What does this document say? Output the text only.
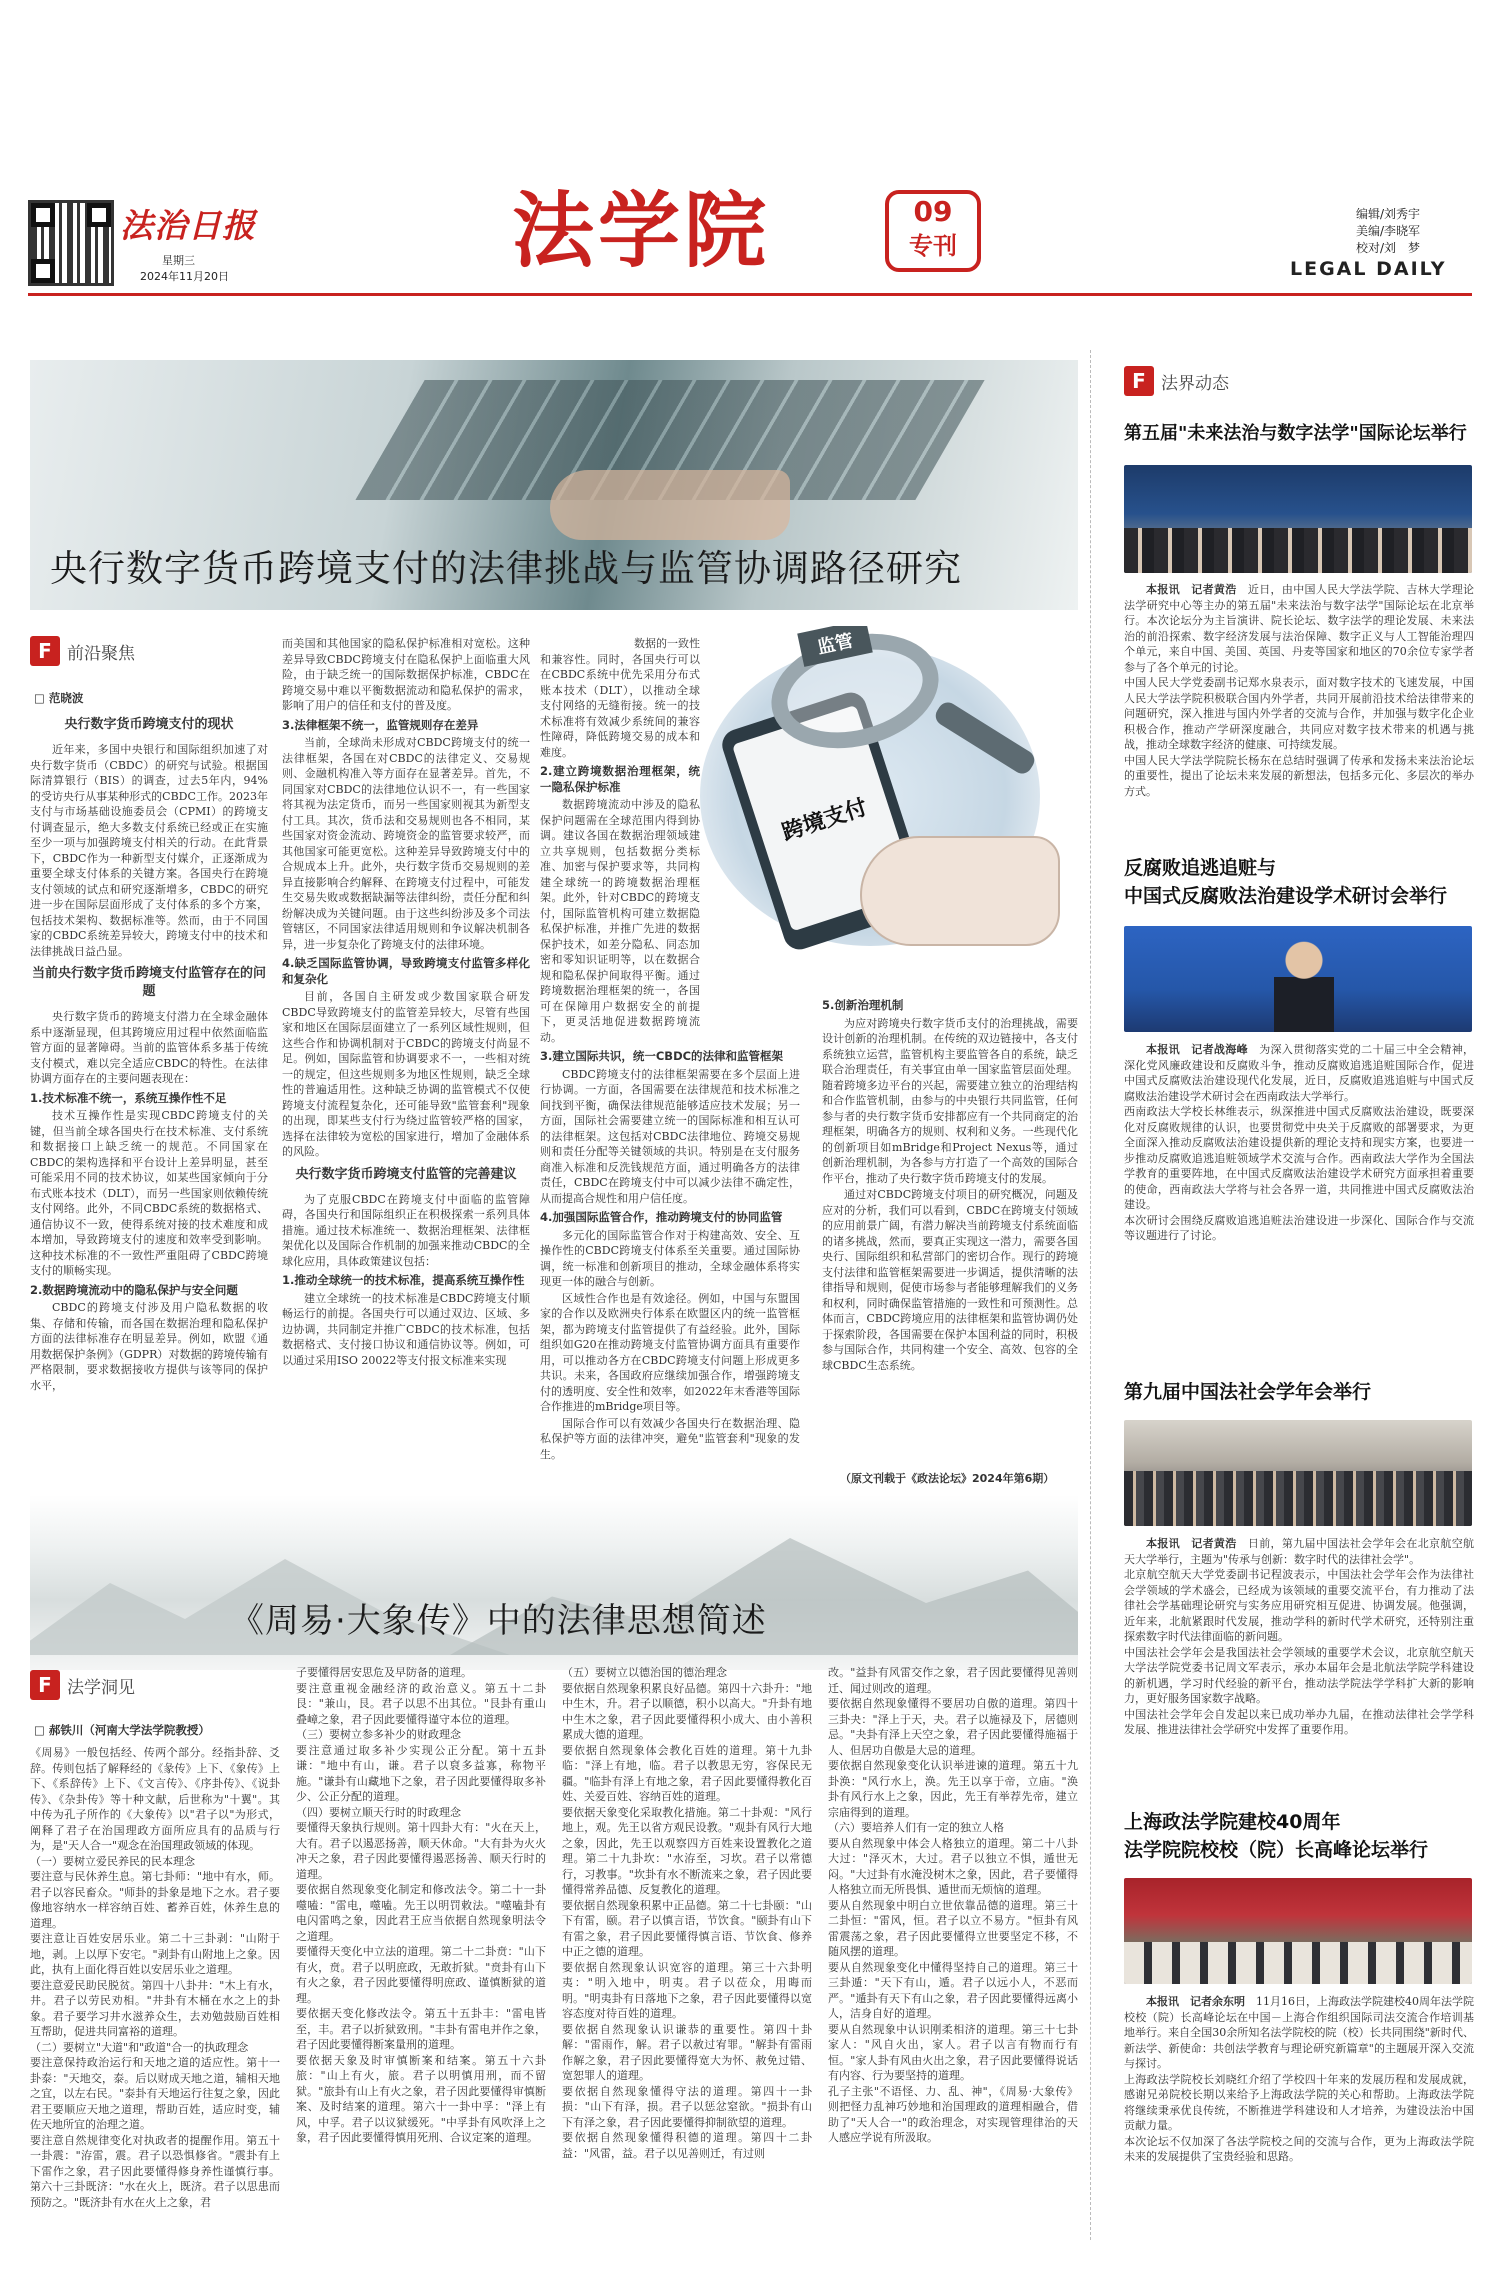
法治日报
星期三
2024年11月20日	法学院	09
专刊
编辑/刘秀宇
美编/李晓军
校对/刘　梦
LEGAL DAILY
央行数字货币跨境支付的法律挑战与监管协调路径研究
F 前沿聚焦
□ 范晓波
央行数字货币跨境支付的现状

近年来，多国中央银行和国际组织加速了对央行数字货币（CBDC）的研究与试验。根据国际清算银行（BIS）的调查，过去5年内，94%的受访央行从事某种形式的CBDC工作。2023年支付与市场基础设施委员会（CPMI）的跨境支付调查显示，绝大多数支付系统已经或正在实施至少一项与加强跨境支付相关的行动。在此背景下，CBDC作为一种新型支付媒介，正逐渐成为重要全球支付体系的关键方案。各国央行在跨境支付领域的试点和研究逐渐增多，CBDC的研究进一步在国际层面形成了支付体系的多个方案，包括技术架构、数据标准等。然而，由于不同国家的CBDC系统差异较大，跨境支付中的技术和法律挑战日益凸显。

当前央行数字货币跨境支付监管存在的问题

央行数字货币的跨境支付潜力在全球金融体系中逐渐显现，但其跨境应用过程中依然面临监管方面的显著障碍。当前的监管体系多基于传统支付模式，难以完全适应CBDC的特性。在法律协调方面存在的主要问题表现在：

1.技术标准不统一，系统互操作性不足

技术互操作性是实现CBDC跨境支付的关键，但当前全球各国央行在技术标准、支付系统和数据接口上缺乏统一的规范。不同国家在CBDC的架构选择和平台设计上差异明显，甚至可能采用不同的技术协议，如某些国家倾向于分布式账本技术（DLT），而另一些国家则依赖传统支付网络。此外，不同CBDC系统的数据格式、通信协议不一致，使得系统对接的技术难度和成本增加，导致跨境支付的速度和效率受到影响。这种技术标准的不一致性严重阻碍了CBDC跨境支付的顺畅实现。

2.数据跨境流动中的隐私保护与安全问题

CBDC的跨境支付涉及用户隐私数据的收集、存储和传输，而各国在数据治理和隐私保护方面的法律标准存在明显差异。例如，欧盟《通用数据保护条例》（GDPR）对数据的跨境传输有严格限制，要求数据接收方提供与该等同的保护水平，

而美国和其他国家的隐私保护标准相对宽松。这种差异导致CBDC跨境支付在隐私保护上面临重大风险，由于缺乏统一的国际数据保护标准，CBDC在跨境交易中难以平衡数据流动和隐私保护的需求，影响了用户的信任和支付的普及度。

3.法律框架不统一，监管规则存在差异

当前，全球尚未形成对CBDC跨境支付的统一法律框架，各国在对CBDC的法律定义、交易规则、金融机构准入等方面存在显著差异。首先，不同国家对CBDC的法律地位认识不一，有一些国家将其视为法定货币，而另一些国家则视其为新型支付工具。其次，货币法和交易规则也各不相同，某些国家对资金流动、跨境资金的监管要求较严，而其他国家可能更宽松。这种差异导致跨境支付中的合规成本上升。此外，央行数字货币交易规则的差异直接影响合约解释、在跨境支付过程中，可能发生交易失败或数据缺漏等法律纠纷，责任分配和纠纷解决成为关键问题。由于这些纠纷涉及多个司法管辖区，不同国家法律适用规则和争议解决机制各异，进一步复杂化了跨境支付的法律环境。

4.缺乏国际监管协调，导致跨境支付监管多样化和复杂化

目前，各国自主研发或少数国家联合研发CBDC导致跨境支付的监管差异较大，尽管有些国家和地区在国际层面建立了一系列区域性规则，但这些合作和协调机制对于CBDC的跨境支付尚显不足。例如，国际监管和协调要求不一，一些相对统一的规定，但这些规则多为地区性规则，缺乏全球性的普遍适用性。这种缺乏协调的监管模式不仅使跨境支付流程复杂化，还可能导致"监管套利"现象的出现，即某些支付行为绕过监管较严格的国家，选择在法律较为宽松的国家进行，增加了金融体系的风险。

央行数字货币跨境支付监管的完善建议

为了克服CBDC在跨境支付中面临的监管障碍，各国央行和国际组织正在积极探索一系列具体措施。通过技术标准统一、数据治理框架、法律框架优化以及国际合作机制的加强来推动CBDC的全球化应用，具体政策建议包括：

1.推动全球统一的技术标准，提高系统互操作性

建立全球统一的技术标准是CBDC跨境支付顺畅运行的前提。各国央行可以通过双边、区域、多边协调，共同制定并推广CBDC的技术标准，包括数据格式、支付接口协议和通信协议等。例如，可以通过采用ISO 20022等支付报文标准来实现

跨境支付
监管

数据的一致性和兼容性。同时，各国央行可以在CBDC系统中优先采用分布式账本技术（DLT），以推动全球支付网络的无缝衔接。统一的技术标准将有效减少系统间的兼容性障碍，降低跨境交易的成本和难度。

2.建立跨境数据治理框架，统一隐私保护标准

数据跨境流动中涉及的隐私保护问题需在全球范围内得到协调。建议各国在数据治理领域建立共享规则，包括数据分类标准、加密与保护要求等，共同构建全球统一的跨境数据治理框架。此外，针对CBDC的跨境支付，国际监管机构可建立数据隐私保护标准，并推广先进的数据保护技术，如差分隐私、同态加密和零知识证明等，以在数据合规和隐私保护间取得平衡。通过跨境数据治理框架的统一，各国可在保障用户数据安全的前提下，更灵活地促进数据跨境流动。

3.建立国际共识，统一CBDC的法律和监管框架

CBDC跨境支付的法律框架需要在多个层面上进行协调。一方面，各国需要在法律规范和技术标准之间找到平衡，确保法律规范能够适应技术发展；另一方面，国际社会需要建立统一的国际标准和相互认可的法律框架。这包括对CBDC法律地位、跨境交易规则和责任分配等关键领域的共识。特别是在支付服务商准入标准和反洗钱规范方面，通过明确各方的法律责任，CBDC在跨境支付中可以减少法律不确定性，从而提高合规性和用户信任度。

4.加强国际监管合作，推动跨境支付的协同监管

多元化的国际监管合作对于构建高效、安全、互操作性的CBDC跨境支付体系至关重要。通过国际协调，统一标准和创新项目的推动，全球金融体系将实现更一体的融合与创新。

区域性合作也是有效途径。例如，中国与东盟国家的合作以及欧洲央行体系在欧盟区内的统一监管框架，都为跨境支付监管提供了有益经验。此外，国际组织如G20在推动跨境支付监管协调方面具有重要作用，可以推动各方在CBDC跨境支付问题上形成更多共识。未来，各国政府应继续加强合作，增强跨境支付的透明度、安全性和效率，如2022年末香港等国际合作推进的mBridge项目等。

国际合作可以有效减少各国央行在数据治理、隐私保护等方面的法律冲突，避免"监管套利"现象的发生。

5.创新治理机制

为应对跨境央行数字货币支付的治理挑战，需要设计创新的治理机制。在传统的双边链接中，各支付系统独立运营，监管机构主要监管各自的系统，缺乏联合治理责任，有关事宜由单一国家监管层面处理。随着跨境多边平台的兴起，需要建立独立的治理结构和合作监管机制，由参与的中央银行共同监管，任何参与者的央行数字货币安排都应有一个共同商定的治理框架，明确各方的规则、权利和义务。一些现代化的创新项目如mBridge和Project Nexus等，通过创新治理机制，为各参与方打造了一个高效的国际合作平台，推动了央行数字货币跨境支付的发展。

通过对CBDC跨境支付项目的研究概况，问题及应对的分析，我们可以看到，CBDC在跨境支付领域的应用前景广阔，有潜力解决当前跨境支付系统面临的诸多挑战，然而，要真正实现这一潜力，需要各国央行、国际组织和私营部门的密切合作。现行的跨境支付法律和监管框架需要进一步调适，提供清晰的法律指导和规则，促使市场参与者能够理解我们的义务和权利，同时确保监管措施的一致性和可预测性。总体而言，CBDC跨境应用的法律框架和监管协调仍处于探索阶段，各国需要在保护本国利益的同时，积极参与国际合作，共同构建一个安全、高效、包容的全球CBDC生态系统。

（原文刊载于《政法论坛》2024年第6期）
《周易·大象传》中的法律思想简述
F 法学洞见
□ 郝铁川（河南大学法学院教授）
《周易》一般包括经、传两个部分。经指卦辞、爻辞。传则包括了解释经的《彖传》上下、《象传》上下、《系辞传》上下、《文言传》、《序卦传》、《说卦传》、《杂卦传》等十种文献，后世称为"十翼"。其中传为孔子所作的《大象传》以"君子以"为形式，阐释了君子在治国理政方面所应具有的品质与行为，是"天人合一"观念在治国理政领域的体现。
（一）要树立爱民养民的民本理念
要注意与民休养生息。第七卦师："地中有水，师。君子以容民畜众。"师卦的卦象是地下之水。君子要像地容纳水一样容纳百姓、蓄养百姓，休养生息的道理。
要注意让百姓安居乐业。第二十三卦剥："山附于地，剥。上以厚下安宅。"剥卦有山附地上之象。因此，执有上面化得百姓以安居乐业之道理。
要注意爱民助民脱贫。第四十八卦井："木上有水，井。君子以劳民劝相。"井卦有木桶在水之上的卦象。君子要学习井水滋养众生，去劝勉鼓励百姓相互帮助，促进共同富裕的道理。
（二）要树立"大道"和"政道"合一的执政理念
要注意保持政治运行和天地之道的适应性。第十一卦泰："天地交，泰。后以财成天地之道，辅相天地之宜，以左右民。"泰卦有天地运行往复之象，因此君王要顺应天地之道理，帮助百姓，适应时变，辅佐天地所宜的治理之道。
要注意自然规律变化对执政者的提醒作用。第五十一卦震："洊雷，震。君子以恐惧修省。"震卦有上下雷作之象，君子因此要懂得修身养性谨慎行事。第六十三卦既济："水在火上，既济。君子以思患而预防之。"既济卦有水在火上之象，君
子要懂得居安思危及早防备的道理。
要注意重视金融经济的政治意义。第五十二卦艮："兼山，艮。君子以思不出其位。"艮卦有重山叠嶂之象，君子因此要懂得谨守本位的道理。
（三）要树立参多补少的财政理念
要注意通过取多补少实现公正分配。第十五卦谦："地中有山，谦。君子以裒多益寡，称物平施。"谦卦有山藏地下之象，君子因此要懂得取多补少、公正分配的道理。
（四）要树立顺天行时的时政理念
要懂得天象执行规则。第十四卦大有："火在天上，大有。君子以遏恶扬善，顺天休命。"大有卦为火火冲天之象，君子因此要懂得遏恶扬善、顺天行时的道理。
要依据自然现象变化制定和修改法令。第二十一卦噬嗑："雷电，噬嗑。先王以明罚敕法。"噬嗑卦有电闪雷鸣之象，因此君王应当依据自然现象明法令之道理。
要懂得天变化中立法的道理。第二十二卦贲："山下有火，贲。君子以明庶政，无敢折狱。"贲卦有山下有火之象，君子因此要懂得明庶政、谨慎断狱的道理。
要依据天变化修改法令。第五十五卦丰："雷电皆至，丰。君子以折狱致刑。"丰卦有雷电并作之象，君子因此要懂得断案量刑的道理。
要依据天象及时审慎断案和结案。第五十六卦旅："山上有火，旅。君子以明慎用刑，而不留狱。"旅卦有山上有火之象，君子因此要懂得审慎断案、及时结案的道理。第六十一卦中孚："泽上有风，中孚。君子以议狱缓死。"中孚卦有风吹泽上之象，君子因此要懂得慎用死刑、合议定案的道理。
（五）要树立以德治国的德治理念
要依据自然现象积累良好品德。第四十六卦升："地中生木，升。君子以顺德，积小以高大。"升卦有地中生木之象，君子因此要懂得积小成大、由小善积累成大德的道理。
要依据自然现象体会教化百姓的道理。第十九卦临："泽上有地，临。君子以教思无穷，容保民无疆。"临卦有泽上有地之象，君子因此要懂得教化百姓、关爱百姓、容纳百姓的道理。
要依据天象变化采取教化措施。第二十卦观："风行地上，观。先王以省方观民设教。"观卦有风行大地之象，因此，先王以观察四方百姓来设置教化之道理。第二十九卦坎："水洊至，习坎。君子以常德行，习教事。"坎卦有水不断流来之象，君子因此要懂得常养品德、反复教化的道理。
要依据自然现象积累中正品德。第二十七卦颐："山下有雷，颐。君子以慎言语，节饮食。"颐卦有山下有雷之象，君子因此要懂得慎言语、节饮食、修养中正之德的道理。
要依据自然现象认识宽容的道理。第三十六卦明夷："明入地中，明夷。君子以莅众，用晦而明。"明夷卦有日落地下之象，君子因此要懂得以宽容态度对待百姓的道理。
要依据自然现象认识谦恭的重要性。第四十卦解："雷雨作，解。君子以赦过宥罪。"解卦有雷雨作解之象，君子因此要懂得宽大为怀、赦免过错、宽恕罪人的道理。
要依据自然现象懂得守法的道理。第四十一卦损："山下有泽，损。君子以惩忿窒欲。"损卦有山下有泽之象，君子因此要懂得抑制欲望的道理。
要依据自然现象懂得积德的道理。第四十二卦益："风雷，益。君子以见善则迁，有过则
改。"益卦有风雷交作之象，君子因此要懂得见善则迁、闻过则改的道理。
要依据自然现象懂得不要居功自傲的道理。第四十三卦夬："泽上于天，夬。君子以施禄及下，居德则忌。"夬卦有泽上天空之象，君子因此要懂得施福于人、但居功自傲是大忌的道理。
要依据自然现象变化认识举进谏的道理。第五十九卦涣："风行水上，涣。先王以享于帝，立庙。"涣卦有风行水上之象，因此，先王有举荐先帝，建立宗庙得到的道理。
（六）要培养人们有一定的独立人格
要从自然现象中体会人格独立的道理。第二十八卦大过："泽灭木，大过。君子以独立不惧，遁世无闷。"大过卦有水淹没树木之象，因此，君子要懂得人格独立而无所畏惧、遁世而无烦恼的道理。
要从自然现象中明白立世依靠品德的道理。第三十二卦恒："雷风，恒。君子以立不易方。"恒卦有风雷震荡之象，君子因此要懂得立世要坚定不移，不随风摆的道理。
要从自然现象变化中懂得坚持自己的道理。第三十三卦遁："天下有山，遁。君子以远小人，不恶而严。"遁卦有天下有山之象，君子因此要懂得远离小人，洁身自好的道理。
要从自然现象中认识刚柔相济的道理。第三十七卦家人："风自火出，家人。君子以言有物而行有恒。"家人卦有风由火出之象，君子因此要懂得说话有内容、行为要坚持的道理。
孔子主张"不语怪、力、乱、神"，《周易·大象传》则把怪力乱神巧妙地和治国理政的道理相融合，借助了"天人合一"的政治理念，对实现管理律治的天人感应学说有所汲取。
F 法界动态
第五届"未来法治与数字法学"国际论坛举行

本报讯　记者黄浩　 近日，由中国人民大学法学院、吉林大学理论法学研究中心等主办的第五届"未来法治与数字法学"国际论坛在北京举行。本次论坛分为主旨演讲、院长论坛、数字法学的理论发展、未来法治的前沿探索、数字经济发展与法治保障、数字正义与人工智能治理四个单元，来自中国、美国、英国、丹麦等国家和地区的70余位专家学者参与了各个单元的讨论。
中国人民大学党委副书记郑水泉表示，面对数字技术的飞速发展，中国人民大学法学院积极联合国内外学者，共同开展前沿技术给法律带来的问题研究，深入推进与国内外学者的交流与合作，并加强与数字化企业积极合作，推动产学研深度融合，共同应对数字技术带来的机遇与挑战，推动全球数字经济的健康、可持续发展。
中国人民大学法学院院长杨东在总结时强调了传承和发扬未来法治论坛的重要性，提出了论坛未来发展的新想法，包括多元化、多层次的举办方式。

反腐败追逃追赃与
中国式反腐败法治建设学术研讨会举行

本报讯　记者战海峰　 为深入贯彻落实党的二十届三中全会精神，深化党风廉政建设和反腐败斗争，推动反腐败追逃追赃国际合作，促进中国式反腐败法治建设现代化发展，近日，反腐败追逃追赃与中国式反腐败法治建设学术研讨会在西南政法大学举行。
西南政法大学校长林维表示，纵深推进中国式反腐败法治建设，既要深化对反腐败规律的认识，也要贯彻党中央关于反腐败的部署要求，为更全面深入推动反腐败法治建设提供新的理论支持和现实方案，也要进一步推动反腐败追逃追赃领域学术交流与合作。西南政法大学作为全国法学教育的重要阵地，在中国式反腐败法治建设学术研究方面承担着重要的使命，西南政法大学将与社会各界一道，共同推进中国式反腐败法治建设。
本次研讨会围绕反腐败追逃追赃法治建设进一步深化、国际合作与交流等议题进行了讨论。

第九届中国法社会学年会举行

本报讯　记者黄浩　 日前，第九届中国法社会学年会在北京航空航天大学举行，主题为"传承与创新：数字时代的法律社会学"。
北京航空航天大学党委副书记程波表示，中国法社会学年会作为法律社会学领域的学术盛会，已经成为该领域的重要交流平台，有力推动了法律社会学基础理论研究与实务应用研究相互促进、协调发展。他强调，近年来，北航紧跟时代发展，推动学科的新时代学术研究，还特别注重探索数字时代法律面临的新问题。
中国法社会学年会是我国法社会学领域的重要学术会议，北京航空航天大学法学院党委书记周文军表示，承办本届年会是北航法学院学科建设的新机遇，学习时代经验的新平台，推动法学院法学学科扩大新的影响力，更好服务国家数字战略。
中国法社会学年会自发起以来已成功举办九届，在推动法律社会学学科发展、推进法律社会学研究中发挥了重要作用。

上海政法学院建校40周年
法学院院校校（院）长高峰论坛举行

本报讯　记者余东明　 11月16日，上海政法学院建校40周年法学院校校（院）长高峰论坛在中国－上海合作组织国际司法交流合作培训基地举行。来自全国30余所知名法学院校的院（校）长共同围绕"新时代、新法学、新使命：共创法学教育与理论研究新篇章"的主题展开深入交流与探讨。
上海政法学院校长刘晓红介绍了学校四十年来的发展历程和发展成就，感谢兄弟院校长期以来给予上海政法学院的关心和帮助。上海政法学院将继续秉承优良传统，不断推进学科建设和人才培养，为建设法治中国贡献力量。
本次论坛不仅加深了各法学院校之间的交流与合作，更为上海政法学院未来的发展提供了宝贵经验和思路。
